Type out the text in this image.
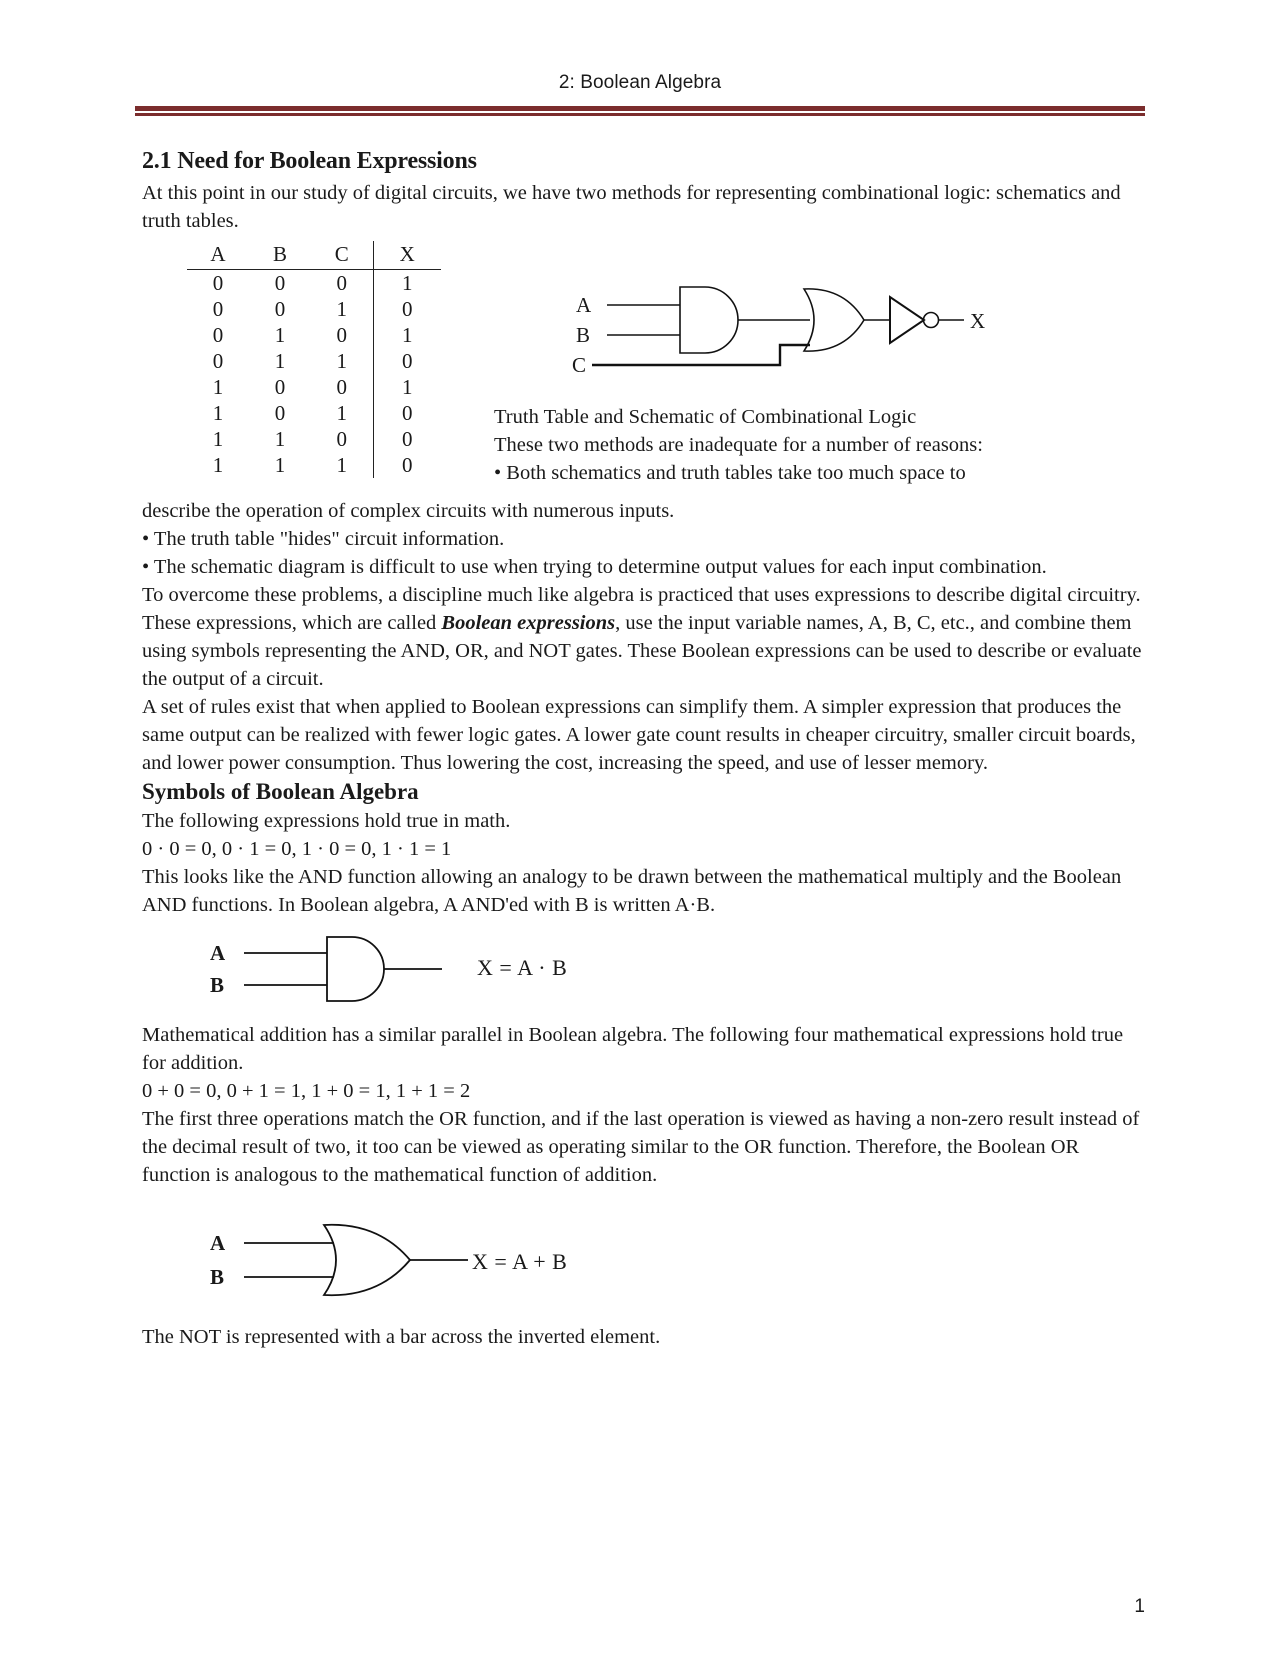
2: Boolean Algebra
2.1 Need for Boolean Expressions

At this point in our study of digital circuits, we have two methods for representing combinational logic: schematics and truth tables.

A	B	C	X
0	0	0	1
0	0	1	0
0	1	0	1
0	1	1	0
1	0	0	1
1	0	1	0
1	1	0	0
1	1	1	0
A
B
C
X
Truth Table and Schematic of Combinational Logic
These two methods are inadequate for a number of reasons:
• Both schematics and truth tables take too much space to

describe the operation of complex circuits with numerous inputs.

• The truth table "hides" circuit information.

• The schematic diagram is difficult to use when trying to determine output values for each input combination.

To overcome these problems, a discipline much like algebra is practiced that uses expressions to describe digital circuitry. These expressions, which are called Boolean expressions, use the input variable names, A, B, C, etc., and combine them using symbols representing the AND, OR, and NOT gates. These Boolean expressions can be used to describe or evaluate the output of a circuit.

A set of rules exist that when applied to Boolean expressions can simplify them. A simpler expression that produces the same output can be realized with fewer logic gates. A lower gate count results in cheaper circuitry, smaller circuit boards, and lower power consumption. Thus lowering the cost, increasing the speed, and use of lesser memory.

Symbols of Boolean Algebra

The following expressions hold true in math.

0 · 0 = 0, 0 · 1 = 0, 1 · 0 = 0, 1 · 1 = 1

This looks like the AND function allowing an analogy to be drawn between the mathematical multiply and the Boolean AND functions. In Boolean algebra, A AND'ed with B is written A·B.

A
B
X = A · B

Mathematical addition has a similar parallel in Boolean algebra. The following four mathematical expressions hold true for addition.

0 + 0 = 0, 0 + 1 = 1, 1 + 0 = 1, 1 + 1 = 2

The first three operations match the OR function, and if the last operation is viewed as having a non-zero result instead of the decimal result of two, it too can be viewed as operating similar to the OR function. Therefore, the Boolean OR function is analogous to the mathematical function of addition.

A
B
X = A + B

The NOT is represented with a bar across the inverted element.

1
